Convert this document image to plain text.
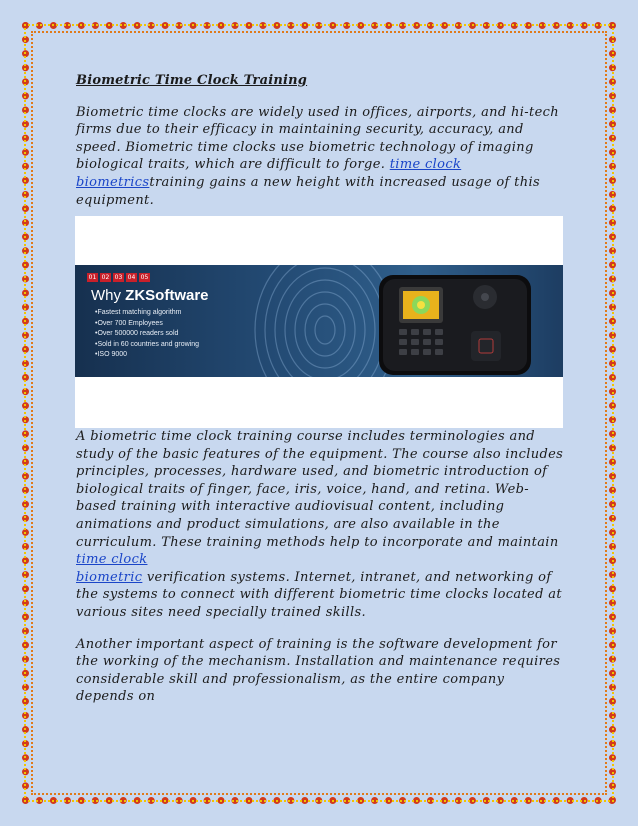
Biometric Time Clock Training

Biometric time clocks are widely used in offices, airports, and hi-tech firms due to their efficacy in maintaining security, accuracy, and speed. Biometric time clocks use biometric technology of imaging biological traits, which are difficult to forge. time clock biometricstraining gains a new height with increased usage of this equipment.

01 02 03 04 05
Why ZKSoftware
• Fastest matching algorithm
• Over 700 Employees
• Over 500000 readers sold
• Sold in 60 countries and growing
• ISO 9000

A biometric time clock training course includes terminologies and study of the basic features of the equipment. The course also includes principles, processes, hardware used, and biometric introduction of biological traits of finger, face, iris, voice, hand, and retina. Web-based training with interactive audiovisual content, including animations and product simulations, are also available in the curriculum. These training methods help to incorporate and maintain time clock
biometric verification systems. Internet, intranet, and networking of the systems to connect with different biometric time clocks located at various sites need specially trained skills.

Another important aspect of training is the software development for the working of the mechanism. Installation and maintenance requires considerable skill and professionalism, as the entire company depends on
